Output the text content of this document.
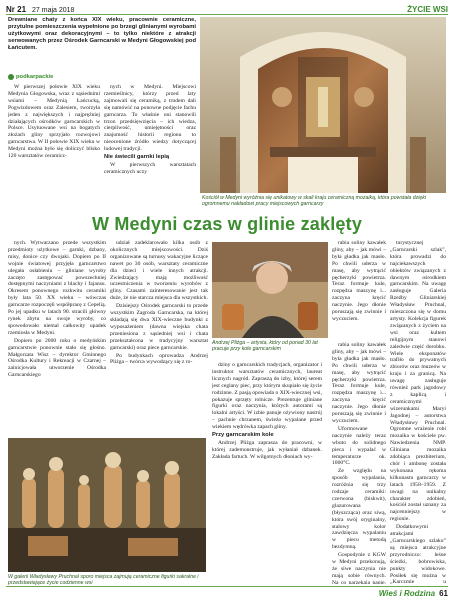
Nr 21 27 maja 2018	ŻYCIE WSI
Drewniane chaty z końca XIX wieku, pracownie ceramiczne, przytulne pomieszczenia wypełnione po brzegi glinianymi wyrobami użytkowymi oraz dekoracyjnymi – to tylko niektóre z atrakcji serwowanych przez Ośrodek Garncarski w Medyni Głogowskiej pod Łańcutem.
podkarpackie

W pierwszej połowie XIX wieku Medynia Głogowska, wraz z sąsiednimi wsiami – Medynią Łańcucką, Pogwizdowem oraz Zalesiem, tworzyła jeden z największych i najprężniej działających ośrodków garncarskich w Polsce. Usytuowane wsi na bogatych złożach gliny sprzyjało rozwojowi garncarstwa. W II połowie XIX wieku w Medyni można było się doliczyć blisko 120 warsztatów ceramicz-

nych w Medyni. Miejscowi rzemieślnicy, którzy przed laty zajmowali się ceramiką, z trudem dali się namówić na ponowne podjęcie fachu garncarza. To właśnie oni stanowili trzon przedsięwzięcia – ich wiedza, cierpliwość, umiejętności oraz znajomość historii regionu to nieocenione źródło wiedzy dotyczącej ludowej tradycji.

Nie świecili garnki lepią

W pierwszych warsztatach ceramicznych uczy

Kościół w Medyni wyróżnia się unikatowy w skali kraju ceramiczną mozaiką, która powstała dzięki ogromnemu nakładowi pracy miejscowych garncarzy
W Medyni czas w glinie zaklęty

nych. Wytwarzano przede wszystkim przedmioty użytkowe – garnki, dzbany, misy, donice czy dwojaki. Dopiero po II wojnie światowej przyjęła garncarstwo ulegała osłabieniu – gliniane wyroby zaczęto zastępować powszechniej dostępnymi naczyniami z blachy i fajansu. Okresem ponownego rozkwitu ceramiki były lata 50. XX wieku – wówczas garncarze rozpoczęli współpracę z Cepelią. Po jej upadku w latach 90. stracili główny rynek zbytu na swoje wyroby, co spowodowało niemal całkowity upadek rzemiosła w Medyni.

Dopiero po 2000 roku o medyńskim garncarstwie ponownie stało się głośno. Małgorzata Wisz – dyrektor Gminnego Ośrodka Kultury i Rekreacji w Czarnej – zainicjowała utworzenie Ośrodka Garncarskiego

udział zadeklarowało kilka osób z okolicznych miejscowości. Dziś organizowane są turnusy wakacyjne liczące nawet po 30 osób, warsztaty ceramiczne dla dzieci i wiele innych atrakcji. Zwiedzający mają możliwość uczestniczenia w tworzeniu wyrobów z gliny. Czasami zainteresowanie jest tak duże, że nie starcza miejsca dla wszystkich.

Dzisiejszy Ośrodek garncarski to przede wszystkim Zagroda Garncarska, na której składają się dwa XIX-wieczne budynki z wyposażeniem (dawna wiejska chata przeniesiona z sąsiedniej wsi i chata przekształcona w tradycyjny warsztat garncarski) oraz piece garncarskie.

Po budynkach oprowadza Andrzej Pliżga – twórca wywodzący się z ro-

Andrzej Pliżga – artysta, który od ponad 30 lat pracuje przy kole garncarskim

dziny o garncarskich tradycjach, organizator i instruktor warsztatów ceramicznych, laureat licznych nagród. Zapraszą do izby, której serem jest ceglany piec, przy którym skupiało się życie rodzinne. Z pasją opowiada o XIX-wiecznej wsi, pokazuje sprzęty rolnicze. Prezentuje gliniane figurki oraz naczynia, których autorami są lokalni artyści. W izbie panuje ożywiony nastrój – pachnie chrzanem, świeżo wypalane przed wiekiem wędrówka zapach gliny.

Przy garncarskim kole

Andrzej Pliżga zaprasza do pracowni, w której zademonstruje, jak wyłaniał dzbanek. Zakłada fartuch. W wilgotnych dłoniach wy-

W galerii Władysławy Pruchnal sporo miejsca zajmują ceramiczne figurki sakralne i przedstawiające życie codzienne wsi

rabia soliny kawałek gliny, aby – jak mówi – była gładka jak masło. Po chwili uderza w masę, aby wytrącić pęcherzyki powietrza. Teraz formuje kule, rozpędza maszynę i... zaczyna kręcić naczynie. Jego dłonie poruszają się zwinnie i wyczuciem.

Uformowane naczynie należy teraz wbuto do solidnego pieca i wypalać w temperaturze ok. 1000°C.

Ze względu na sposób wypalania, rozróżnia się trzy rodzaje ceramiki: czerwona (biskwit), glazurowana (błyszcząca) oraz siwą, która swój oryginalny, stalowy kolor zawdzięcza wypalaniu w piecu metodą bezdymną.

Gospodynie z KGW w Medyni przekonują, że siwe naczynia nie mają sobie równych. Na co narzekają panie,

turystycznej „Garncarski szlak”, która prowadzi do najciekawszych obiektów związanych z dawnym ośrodkiem garncarskim. Na uwagę zasługuje Galeria Rzeźby Gliniarskiej Władysław Pruchnal, mieszczona się w domu artysty. Kolekcja figurek związanych z życiem na wsi oraz kultem religijnym stanowi zaledwie część dorobku. Wiele eksponatów trafiło do prywatnych zbiorów oraz muzeów w kraju i za granicą. Na uwagę zasługuje również park jagodowy z kaplicą i ceramicznymi wizerunkami Maryi Jagodnej – autorstwa Władysławy Pruchnal. Ogromne wrażenie robi mozaika w kościele pw. Nawiedzenia NMP. Gliniana mozaika zdobiąca prezbiterium, chór i ambonę została wykonana rękoma kilkunastu garncarzy w latach 1958–1959. Z uwagi na unikalny charakter zdobień, kościół został uznany za najcenniejszy w regionie.

Dodatkowymi atrakcjami „Garncarskiego szlaku” są miejsca atrakcyjne przyrodniczo: leśne ścieżki, bobrowiska, punkty widokowe. Posiłek się można w „Karczmie u

rabia soliny kawałek gliny, aby – jak mówi – była gładka jak masło. Po chwili uderza w masę, aby wytrącić pęcherzyki powietrza. Teraz formuje kule, rozpędza maszynę i... zaczyna kręcić naczynie. Jego dłonie poruszają się zwinnie i wyczuciem.

Wieś i Rodzina 61
